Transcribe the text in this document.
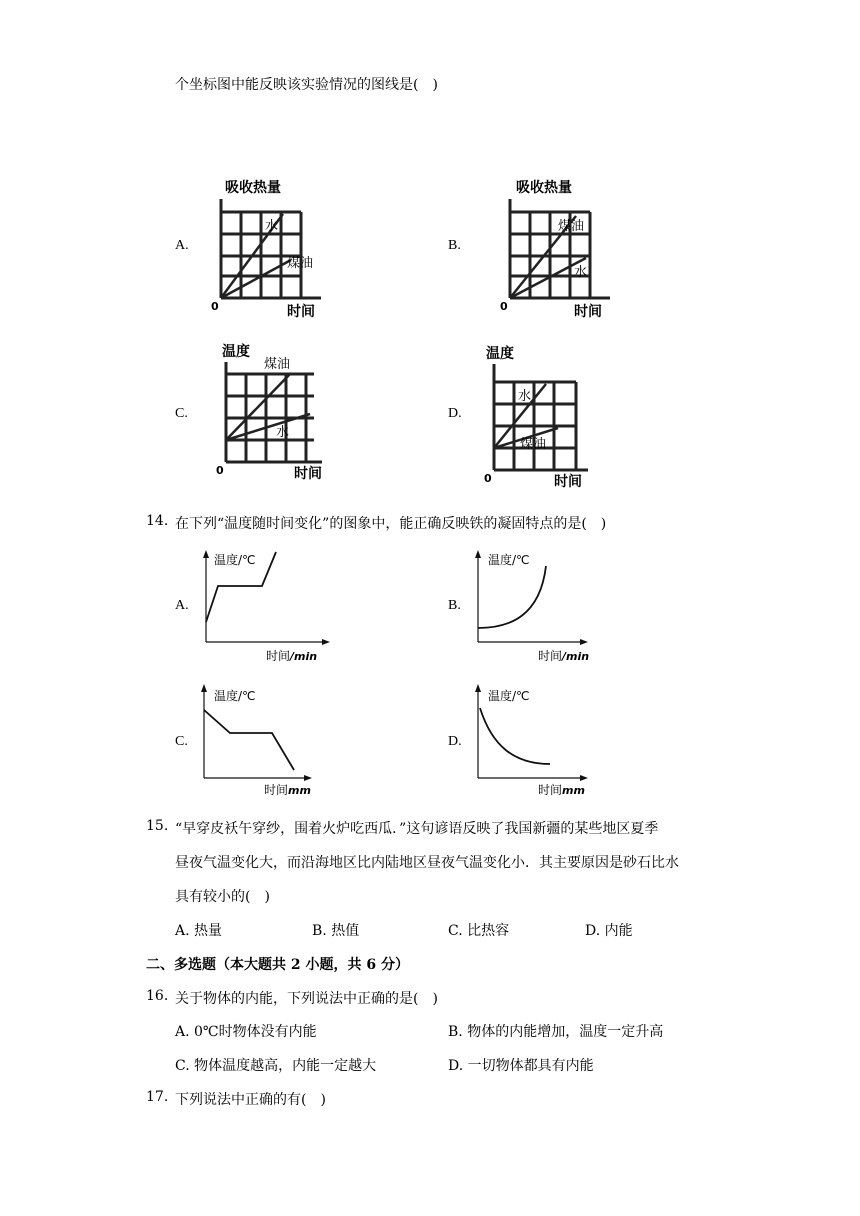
个坐标图中能反映该实验情况的图线是(　)
A.	B.
C.	D.
吸收热量
水
煤油
0	时间
吸收热量
煤油
水
0	时间
温度
煤油
水
0	时间
温度
水
煤油
0	时间
14. 在下列“温度随时间变化”的图象中，能正确反映铁的凝固特点的是(　)
A.	B.
C.	D.
温度/℃
时间 /min
温度/℃
时间 /min
温度/℃
时间 mm
温度/℃
时间 mm
15. “早穿皮袄午穿纱，围着火炉吃西瓜．”这句谚语反映了我国新疆的某些地区夏季
昼夜气温变化大，而沿海地区比内陆地区昼夜气温变化小．其主要原因是砂石比水
具有较小的(　)
A. 热量	B. 热值	C. 比热容	D. 内能
二、多选题（本大题共 2 小题，共 6 分）
16. 关于物体的内能，下列说法中正确的是(　)
A. 0℃时物体没有内能	B. 物体的内能增加，温度一定升高
C. 物体温度越高，内能一定越大	D. 一切物体都具有内能
17. 下列说法中正确的有(　)
